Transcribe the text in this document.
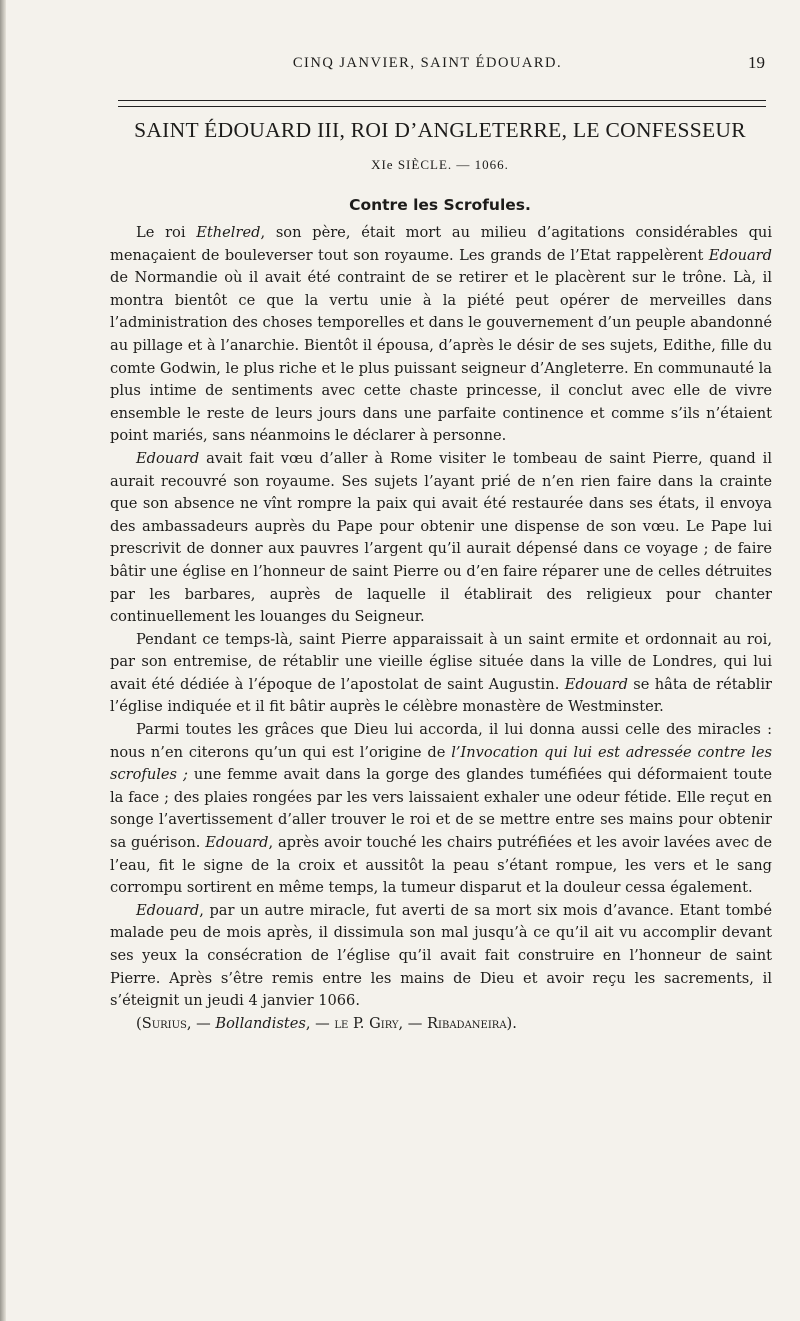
CINQ JANVIER, SAINT ÉDOUARD.	19
SAINT ÉDOUARD III, ROI D’ANGLETERRE, LE CONFESSEUR
XIe SIÈCLE. — 1066.
Contre les Scrofules.

Le roi Ethelred, son père, était mort au milieu d’agitations considérables qui menaçaient de bouleverser tout son royaume. Les grands de l’Etat rappelèrent Edouard de Normandie où il avait été contraint de se retirer et le placèrent sur le trône. Là, il montra bientôt ce que la vertu unie à la piété peut opérer de merveilles dans l’administration des choses temporelles et dans le gouvernement d’un peuple abandonné au pillage et à l’anarchie. Bientôt il épousa, d’après le désir de ses sujets, Edithe, fille du comte Godwin, le plus riche et le plus puissant seigneur d’Angleterre. En communauté la plus intime de sentiments avec cette chaste princesse, il conclut avec elle de vivre ensemble le reste de leurs jours dans une parfaite continence et comme s’ils n’étaient point mariés, sans néanmoins le déclarer à personne.

Edouard avait fait vœu d’aller à Rome visiter le tombeau de saint Pierre, quand il aurait recouvré son royaume. Ses sujets l’ayant prié de n’en rien faire dans la crainte que son absence ne vînt rompre la paix qui avait été restaurée dans ses états, il envoya des ambassadeurs auprès du Pape pour obtenir une dispense de son vœu. Le Pape lui prescrivit de donner aux pauvres l’argent qu’il aurait dépensé dans ce voyage ; de faire bâtir une église en l’honneur de saint Pierre ou d’en faire réparer une de celles détruites par les barbares, auprès de laquelle il établirait des religieux pour chanter continuellement les louanges du Seigneur.

Pendant ce temps-là, saint Pierre apparaissait à un saint ermite et ordonnait au roi, par son entremise, de rétablir une vieille église située dans la ville de Londres, qui lui avait été dédiée à l’époque de l’apostolat de saint Augustin. Edouard se hâta de rétablir l’église indiquée et il fit bâtir auprès le célèbre monastère de Westminster.

Parmi toutes les grâces que Dieu lui accorda, il lui donna aussi celle des miracles : nous n’en citerons qu’un qui est l’origine de l’Invocation qui lui est adressée contre les scrofules ; une femme avait dans la gorge des glandes tuméfiées qui déformaient toute la face ; des plaies rongées par les vers laissaient exhaler une odeur fétide. Elle reçut en songe l’avertissement d’aller trouver le roi et de se mettre entre ses mains pour obtenir sa guérison. Edouard, après avoir touché les chairs putréfiées et les avoir lavées avec de l’eau, fit le signe de la croix et aussitôt la peau s’étant rompue, les vers et le sang corrompu sortirent en même temps, la tumeur disparut et la douleur cessa également.

Edouard, par un autre miracle, fut averti de sa mort six mois d’avance. Etant tombé malade peu de mois après, il dissimula son mal jusqu’à ce qu’il ait vu accomplir devant ses yeux la consécration de l’église qu’il avait fait construire en l’honneur de saint Pierre. Après s’être remis entre les mains de Dieu et avoir reçu les sacrements, il s’éteignit un jeudi 4 janvier 1066.

(Surius, — Bollandistes, — le P. Giry, — Ribadaneira).
